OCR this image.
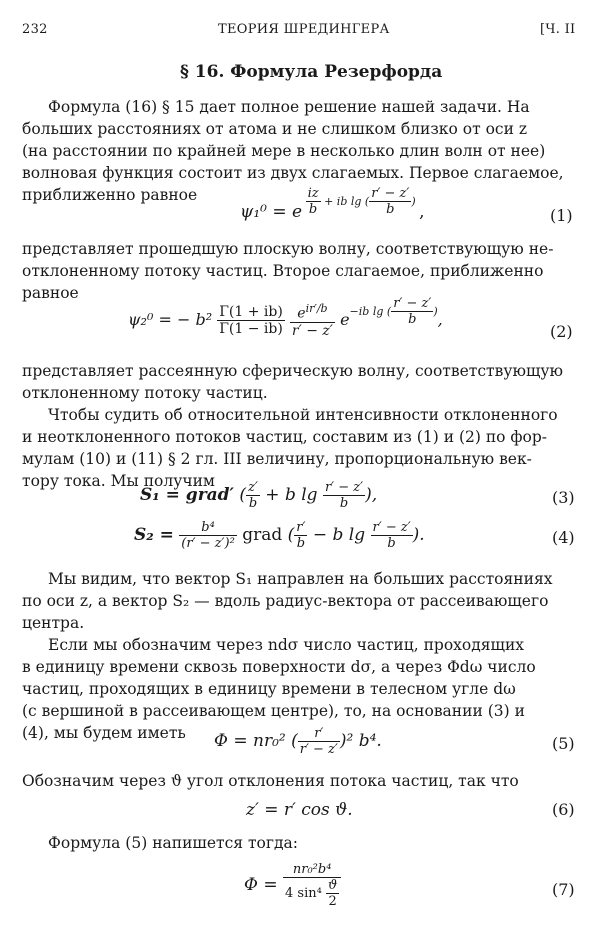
232	ТЕОРИЯ ШРЕДИНГЕРА	[Ч. II
§ 16. Формула Резерфорда
Формула (16) § 15 дает полное решение нашей задачи. На
больших расстояниях от атома и не слишком близко от оси z
(на расстоянии по крайней мере в несколько длин волн от нее)
волновая функция состоит из двух слагаемых. Первое слагаемое,
приближенно равное
ψ₁⁰ = e $^{\frac{iz}{b} + ib lg ( \frac{r' - z'}{b} )}$ ,	(1)
представляет прошедшую плоскую волну, соответствующую не-
отклоненному потоку частиц. Второе слагаемое, приближенно
равное
ψ₂⁰ = − $b^2 \frac{\Gamma(1 + ib)}{\Gamma(1 - ib)}$
$\frac{e^{ir'/b}}{r' - z'} e^{-ib lg ( \frac{r' - z'}{b} )}$,
(2)
представляет рассеянную сферическую волну, соответствующую
отклоненному потоку частиц.
Чтобы судить об относительной интенсивности отклоненного
и неотклоненного потоков частиц, составим из (1) и (2) по фор-
мулам (10) и (11) § 2 гл. III величину, пропорциональную век-
тору тока. Мы получим
S₁ = grad′ ( $\frac{z'}{b} + b$ $\lg \frac{r' - z'}{b}$ ),	(3)
$S_2 = \frac{\text{b⁴}}{\text{(r′ − z′)²}}$ grad ( $\frac{r'}{b} - b$ $\lg \frac{r' - z'}{b}$ ).	(4)
Мы видим, что вектор S₁ направлен на больших расстояниях
по оси z, а вектор S₂ — вдоль радиус-вектора от рассеивающего
центра.
Если мы обозначим через ndσ число частиц, проходящих
в единицу времени сквозь поверхности dσ, а через Φdω число
частиц, проходящих в единицу времени в телесном угле dω
(с вершиной в рассеивающем центре), то, на основании (3) и
(4), мы будем иметь Φ = nr₀² ( $\frac{r'}{r' - z'} )^2$ b⁴.	(5)
Обозначим через ϑ угол отклонения потока частиц, так что
z′ = r′ cos ϑ.	(6)
Формула (5) напишется тогда:
$\Phi = \frac{\text{nr₀²b⁴}}{4 \sin^4 \frac{ϑ}{2}}$	(7)
